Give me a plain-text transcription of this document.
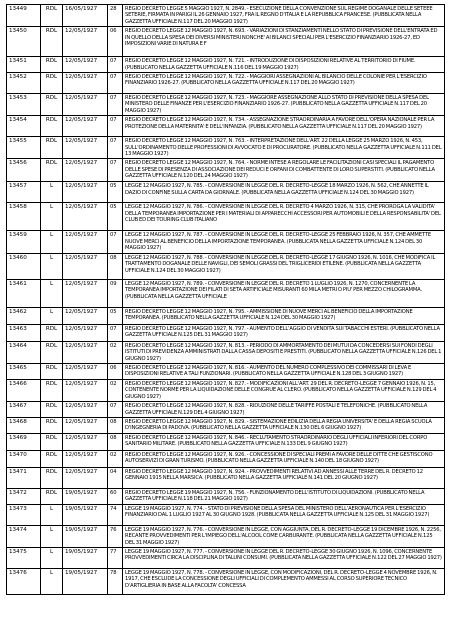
13449	RDL	16/05/1927	28	REGIO DECRETO LEGGE 5 MAGGIO 1927, N. 2849. - ESECUZIONE DELLA CONVENZIONE SUL REGIME DOGANALE DELLE SETEEE SETERIE, FIRMATA IN PARIGI IL 26 GENNAIO 1927, FRA IL REGNO D'ITALIA E LA REPUBBLICA FRANCESE. (PUBBLICATA NELLA GAZZETTA UFFICIALE N.117 DEL 20 MAGGIO 1927)
13450	RDL	12/05/1927	06	REGIO DECRETO LEGGE 12 MAGGIO 1927, N. 693. - VARIAZIONI DI STANZIAMENTI NELLO STATO DI PREVISIONE DELL'ENTRATA ED IN QUELLO DELLA SPESA DEI DIVERSI MINISTERI NONCHE' AI BILANCI SPECIALI PER L'ESERCIZIO FINANZIARIO 1926-27, ED IMPOSIZIONI VARIE DI NATURA E F
13451	RDL	12/05/1927	07	REGIO DECRETO LEGGE 12 MAGGIO 1927, N. 721. - INTRODUZIONE DI DISPOSIZIONI RELATIVE AL TERRITORIO DI FIUME. (PUBBLICATO NELLA GAZZETTA UFFICIALE N.116 DEL 19 MAGGIO 1927)
13452	RDL	12/05/1927	07	REGIO DECRETO LEGGE 12 MAGGIO 1927, N. 722. - MAGGIORI ASSEGNAZIONI AL BILANCIO DELLE COLONIE PER L'ESERCIZIO FINANZIARIO 1926-27. (PUBBLICATO NELLA GAZZETTA UFFICIALE N.117 DEL 20 MAGGIO 1927)
13453	RDL	12/05/1927	07	REGIO DECRETO LEGGE 12 MAGGIO 1927, N. 723. - MAGGIORE ASSEGNAZIONE ALLO STATO DI PREVISIONE DELLA SPESA DEL MINISTERO DELLE FINANZE PER L'ESERCIZIO FINANZIARIO 1926-27. (PUBBLICATO NELLA GAZZETTA UFFICIALE N.117 DEL 20 MAGGIO 1927)
13454	RDL	12/05/1927	07	REGIO DECRETO LEGGE 12 MAGGIO 1927, N. 734. - ASSEGNAZIONE STRAORDINARIA A FAVORE DELL'OPERA NAZIONALE PER LA PROTEZIONE DELLA MATERNITA' E DELL'INFANZIA. (PUBBLICATO NELLA GAZZETTA UFFICIALE N.117 DEL 20 MAGGIO 1927)
13455	RDL	12/05/1927	07	REGIO DECRETO LEGGE 12 MAGGIO 1927, N. 763. - INTERPRETAZIONE DELL'ART. 22 DELLA LEGGE 25 MARZO 1926, N. 453, SULL'ORDINAMENTO DELLE PROFESSIONI DI AVVOCATO E DI PROCURATORE. (PUBBLICATO NELLA GAZZETTA UFFICIALE N.111 DEL 13 MAGGIO 1927)
13456	RDL	12/05/1927	07	REGIO DECRETO LEGGE 12 MAGGIO 1927, N. 764. - NORME INTESE A REGOLARE LE FACILITAZIONI CASI SPECIALI IL PAGAMENTO DELLE SPESE DI PRESENZA DI ASSOCIAZIONE DEI REDUCI E ORFANI DI COMBATTENTE DI LORO SUPERSTITI. (PUBBLICATO NELLA GAZZETTA UFFICIALE N.120 DEL 24 MAGGIO 1927)
13457	L	12/05/1927	05	LEGGE 12 MAGGIO 1927, N. 785. - CONVERSIONE IN LEGGE DEL R. DECRETO-LEGGE 18 MARZO 1926, N. 562, CHE ANNETTE IL DAZIO DI CONFINE SULLA CARTA DA GIORNALE. (PUBBLICATA NELLA GAZZETTA UFFICIALE N.124 DEL 30 MAGGIO 1927)
13458	L	12/05/1927	05	LEGGE 12 MAGGIO 1927, N. 786. - CONVERSIONE IN LEGGE DEL R. DECRETO 4 MARZO 1926, N. 315, CHE PROROGA LA VALIDITA' DELLA TEMPORANEA IMPORTAZIONE PER I MATERIALI DI APPARECCHI ACCESSORI PER AUTOMOBILI E DELLA RESPONSABILITA' DEL CLUB ED DEI TOURING CLUB ITALIANO
13459	L	12/05/1927	07	LEGGE 12 MAGGIO 1927, N. 787. - CONVERSIONE IN LEGGE DEL R. DECRETO-LEGGE 25 FEBBRAIO 1926, N. 357, CHE AMMETTE NUOVE MERCI AL BENEFICIO DELLA IMPORTAZIONE TEMPORANEA. (PUBBLICATA NELLA GAZZETTA UFFICIALE N.124 DEL 30 MAGGIO 1927)
13460	L	12/05/1927	08	LEGGE 12 MAGGIO 1927, N. 788. - CONVERSIONE IN LEGGE DEL R. DECRETO-LEGGE 17 GIUGNO 1926, N. 1016, CHE MODIFICA IL TRATTAMENTO DOGANALE DELLE NAVIGLI, DEI SEMOLI GRASSI DEL TRIGLICERIDI ETILENE. (PUBBLICATA NELLA GAZZETTA UFFICIALE N.124 DEL 30 MAGGIO 1927)
13461	L	12/05/1927	09	LEGGE 12 MAGGIO 1927, N. 789. - CONVERSIONE IN LEGGE DEL R. DECRETO 1 LUGLIO 1926, N. 1270, CONCERNENTE LA TEMPORANEA IMPORTAZIONE DEI FILATI DI SETA ARTIFICIALE MISURANTI 60 MILA METRI O PIU' PER MEZZO CHILOGRAMMA. (PUBBLICATA NELLA GAZZETTA UFFICIALE
13462	L	12/05/1927	05	REGIO DECRETO LEGGE 12 MAGGIO 1927, N. 795. - AMMISSIONE DI NUOVE MERCI AL BENEFICIO DELLA IMPORTAZIONE TEMPORANEA. (PUBBLICATO NELLA GAZZETTA UFFICIALE N.124 DEL 30 MAGGIO 1927)
13463	RDL	12/05/1927	07	REGIO DECRETO LEGGE 12 MAGGIO 1927, N. 797. - AUMENTO DELL'AGGIO DI VENDITA SUI TABACCHI ESTERI. (PUBBLICATO NELLA GAZZETTA UFFICIALE N.125 DEL 31 MAGGIO 1927)
13464	RDL	12/05/1927	02	REGIO DECRETO LEGGE 12 MAGGIO 1927, N. 813. - PERIODO DI AMMORTAMENTO DEI MUTUI DA CONCEDERSI SUI FONDI DEGLI ISTITUTI DI PREVIDENZA AMMINISTRATI DALLA CASSA DEPOSITI E PRESTITI. (PUBBLICATO NELLA GAZZETTA UFFICIALE N.126 DEL 1 GIUGNO 1927)
13465	RDL	12/05/1927	06	REGIO DECRETO LEGGE 12 MAGGIO 1927, N. 816. - AUMENTO DEL NUMERO COMPLESSIVO DEI COMMISSARI DI LEVA E DISPOSIZIONI RELATIVE A TALI FUNZIONARI. (PUBBLICATO NELLA GAZZETTA UFFICIALE N.128 DEL 3 GIUGNO 1927)
13466	RDL	12/05/1927	02	REGIO DECRETO LEGGE 12 MAGGIO 1927, N. 827. - MODIFICAZIONI ALL'ART. 29 DEL R. DECRETO-LEGGE 7 GENNAIO 1926, N. 15, CONTENENTE NORME PER LA LIQUIDAZIONE DELLE CONGRUE AL CLERO. (PUBBLICATO NELLA GAZZETTA UFFICIALE N.129 DEL 4 GIUGNO 1927)
13467	RDL	12/05/1927	07	REGIO DECRETO LEGGE 12 MAGGIO 1927, N. 828. - RIDUZIONE DELLE TARIFFE POSTALI E TELEFONICHE. (PUBBLICATO NELLA GAZZETTA UFFICIALE N.129 DEL 4 GIUGNO 1927)
13468	RDL	12/05/1927	08	REGIO DECRETO LEGGE 12 MAGGIO 1927, N. 829. - SISTEMAZIONE EDILIZIA DELLA REGIA UNIVERSITA' E DELLA REGIA SCUOLA D'INGEGNERIA DI PADOVA. (PUBBLICATO NELLA GAZZETTA UFFICIALE N.130 DEL 6 GIUGNO 1927)
13469	RDL	12/05/1927	08	REGIO DECRETO LEGGE 12 MAGGIO 1927, N. 846. - RECLUTAMENTO STRAORDINARIO DEGLI UFFICIALI INFERIORI DEL CORPO SANITARIO MILITARE. (PUBBLICATO NELLA GAZZETTA UFFICIALE N.133 DEL 9 GIUGNO 1927)
13470	RDL	12/05/1927	02	REGIO DECRETO LEGGE 12 MAGGIO 1927, N. 926. - CONCESSIONE DI SPECIALI PREMI A FAVORE DELLE DITTE CHE GESTISCONO AUTOSERVIZI DI GRAN TURISMO. (PUBBLICATO NELLA GAZZETTA UFFICIALE N.140 DEL 18 GIUGNO 1927)
13471	RDL	12/05/1927	04	REGIO DECRETO LEGGE 12 MAGGIO 1927, N. 924. - PROVVEDIMENTI RELATIVI AD ANNESSI ALLE TERRE DEL R. DECRETO 12 GENNAIO 1915 NELLA MARSICA. (PUBBLICATO NELLA GAZZETTA UFFICIALE N.141 DEL 20 GIUGNO 1927)
13472	RDL	19/05/1927	60	REGIO DECRETO LEGGE 19 MAGGIO 1927, N. 756. - FUNZIONAMENTO DELL'ISTITUTO DI LIQUIDAZIONI. (PUBBLICATO NELLA GAZZETTA UFFICIALE N.118 DEL 21 MAGGIO 1927)
13473	L	19/05/1927	74	LEGGE 19 MAGGIO 1927, N. 774. - STATO DI PREVISIONE DELLA SPESA DEL MINISTERO DELL'AERONAUTICA PER L'ESERCIZIO FINANZIARIO DAL 1 LUGLIO 1927 AL 30 GIUGNO 1928. (PUBBLICATA NELLA GAZZETTA UFFICIALE N.125 DEL 31 MAGGIO 1927)
13474	L	19/05/1927	76	LEGGE 19 MAGGIO 1927, N. 776. - CONVERSIONE IN LEGGE, CON AGGIUNTA, DEL R. DECRETO-LEGGE 19 DICEMBRE 1926, N. 2256, RECANTE PROVVEDIMENTI PER L'IMPIEGO DELL'ALCOOL COME CARBURANTE. (PUBBLICATA NELLA GAZZETTA UFFICIALE N.125 DEL 31 MAGGIO 1927)
13475	L	19/05/1927	77	LEGGE 19 MAGGIO 1927, N. 777. - CONVERSIONE IN LEGGE DEL R. DECRETO-LEGGE 30 GIUGNO 1926, N. 1096, CONCERNENTE PROVVEDIMENTI CIRCA LA DISCIPLINA DI TALUNI CONSUMI. (PUBBLICATA NELLA GAZZETTA UFFICIALE N.122 DEL 27 MAGGIO 1927)
13476	L	19/05/1927	78	LEGGE 19 MAGGIO 1927, N. 778. - CONVERSIONE IN LEGGE, CON MODIFICAZIONI, DEL R. DECRETO-LEGGE 4 NOVEMBRE 1926, N. 1917, CHE ESCLUDE LA CONCESSIONE DEGLI UFFICIALI DI COMPLEMENTO AMMESSI AL CORSO SUPERIORE TECNICO D'ARTIGLIERIA IN BASE ALLA FACOLTA' CONCESSA
